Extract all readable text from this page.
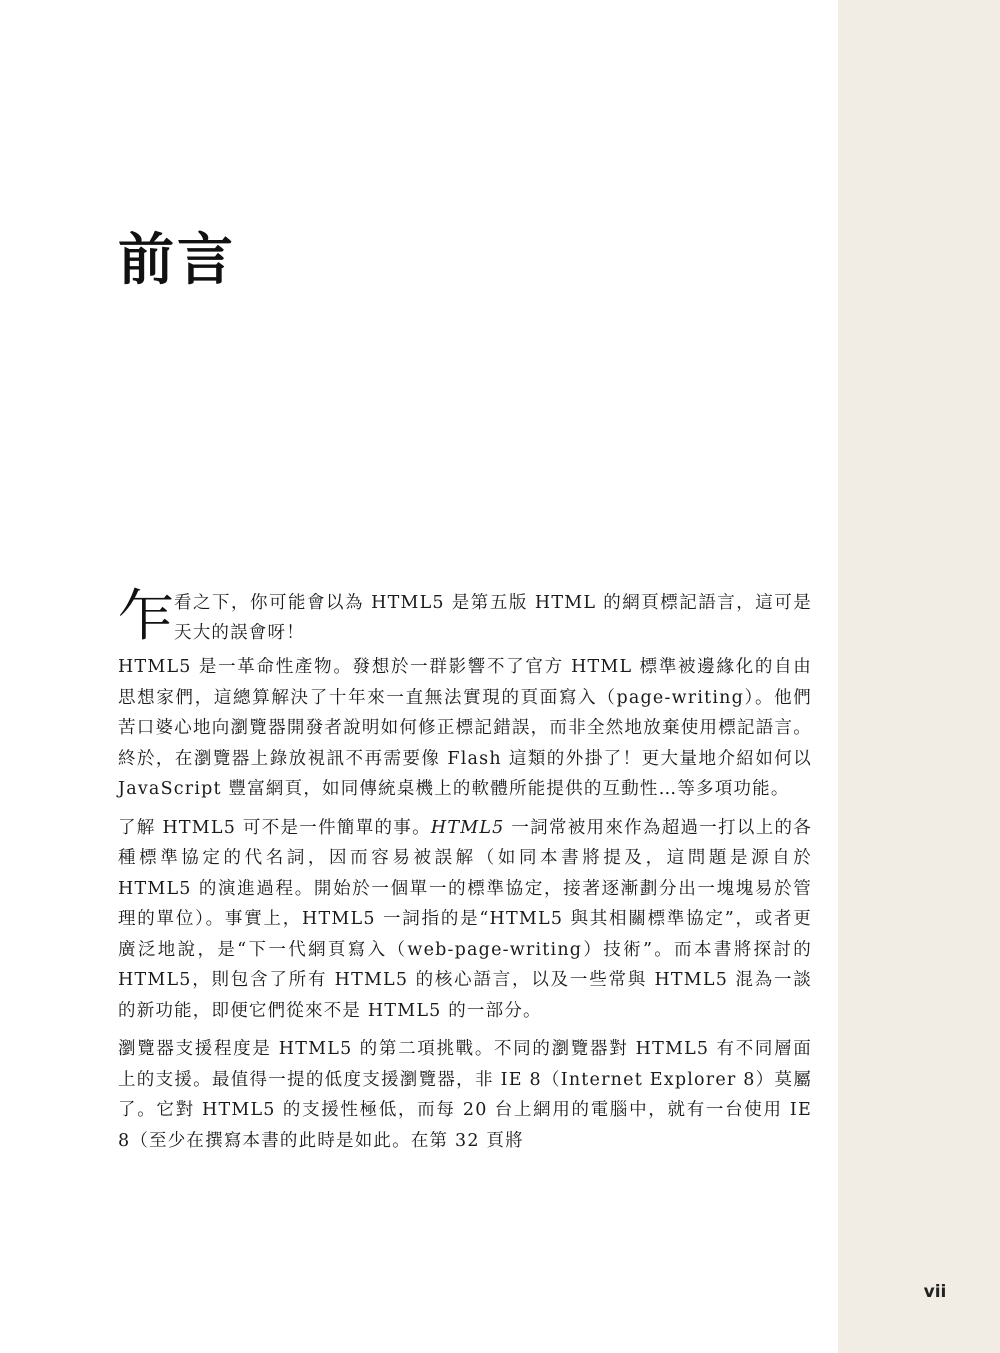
vii
前言
乍 看之下，你可能會以為 HTML5 是第五版 HTML 的網頁標記語言，這可是天大的誤會呀！

HTML5 是一革命性產物。發想於一群影響不了官方 HTML 標準被邊緣化的自由思想家們，這總算解決了十年來一直無法實現的頁面寫入（page-writing）。他們苦口婆心地向瀏覽器開發者說明如何修正標記錯誤，而非全然地放棄使用標記語言。終於，在瀏覽器上錄放視訊不再需要像 Flash 這類的外掛了！更大量地介紹如何以 JavaScript 豐富網頁，如同傳統桌機上的軟體所能提供的互動性…等多項功能。

了解 HTML5 可不是一件簡單的事。HTML5 一詞常被用來作為超過一打以上的各種標準協定的代名詞，因而容易被誤解（如同本書將提及，這問題是源自於 HTML5 的演進過程。開始於一個單一的標準協定，接著逐漸劃分出一塊塊易於管理的單位）。事實上，HTML5 一詞指的是“HTML5 與其相關標準協定”，或者更廣泛地說，是“下一代網頁寫入（web-page-writing）技術”。而本書將探討的 HTML5，則包含了所有 HTML5 的核心語言，以及一些常與 HTML5 混為一談的新功能，即便它們從來不是 HTML5 的一部分。

瀏覽器支援程度是 HTML5 的第二項挑戰。不同的瀏覽器對 HTML5 有不同層面上的支援。最值得一提的低度支援瀏覽器，非 IE 8（Internet Explorer 8）莫屬了。它對 HTML5 的支援性極低，而每 20 台上網用的電腦中，就有一台使用 IE 8（至少在撰寫本書的此時是如此。在第 32 頁將
